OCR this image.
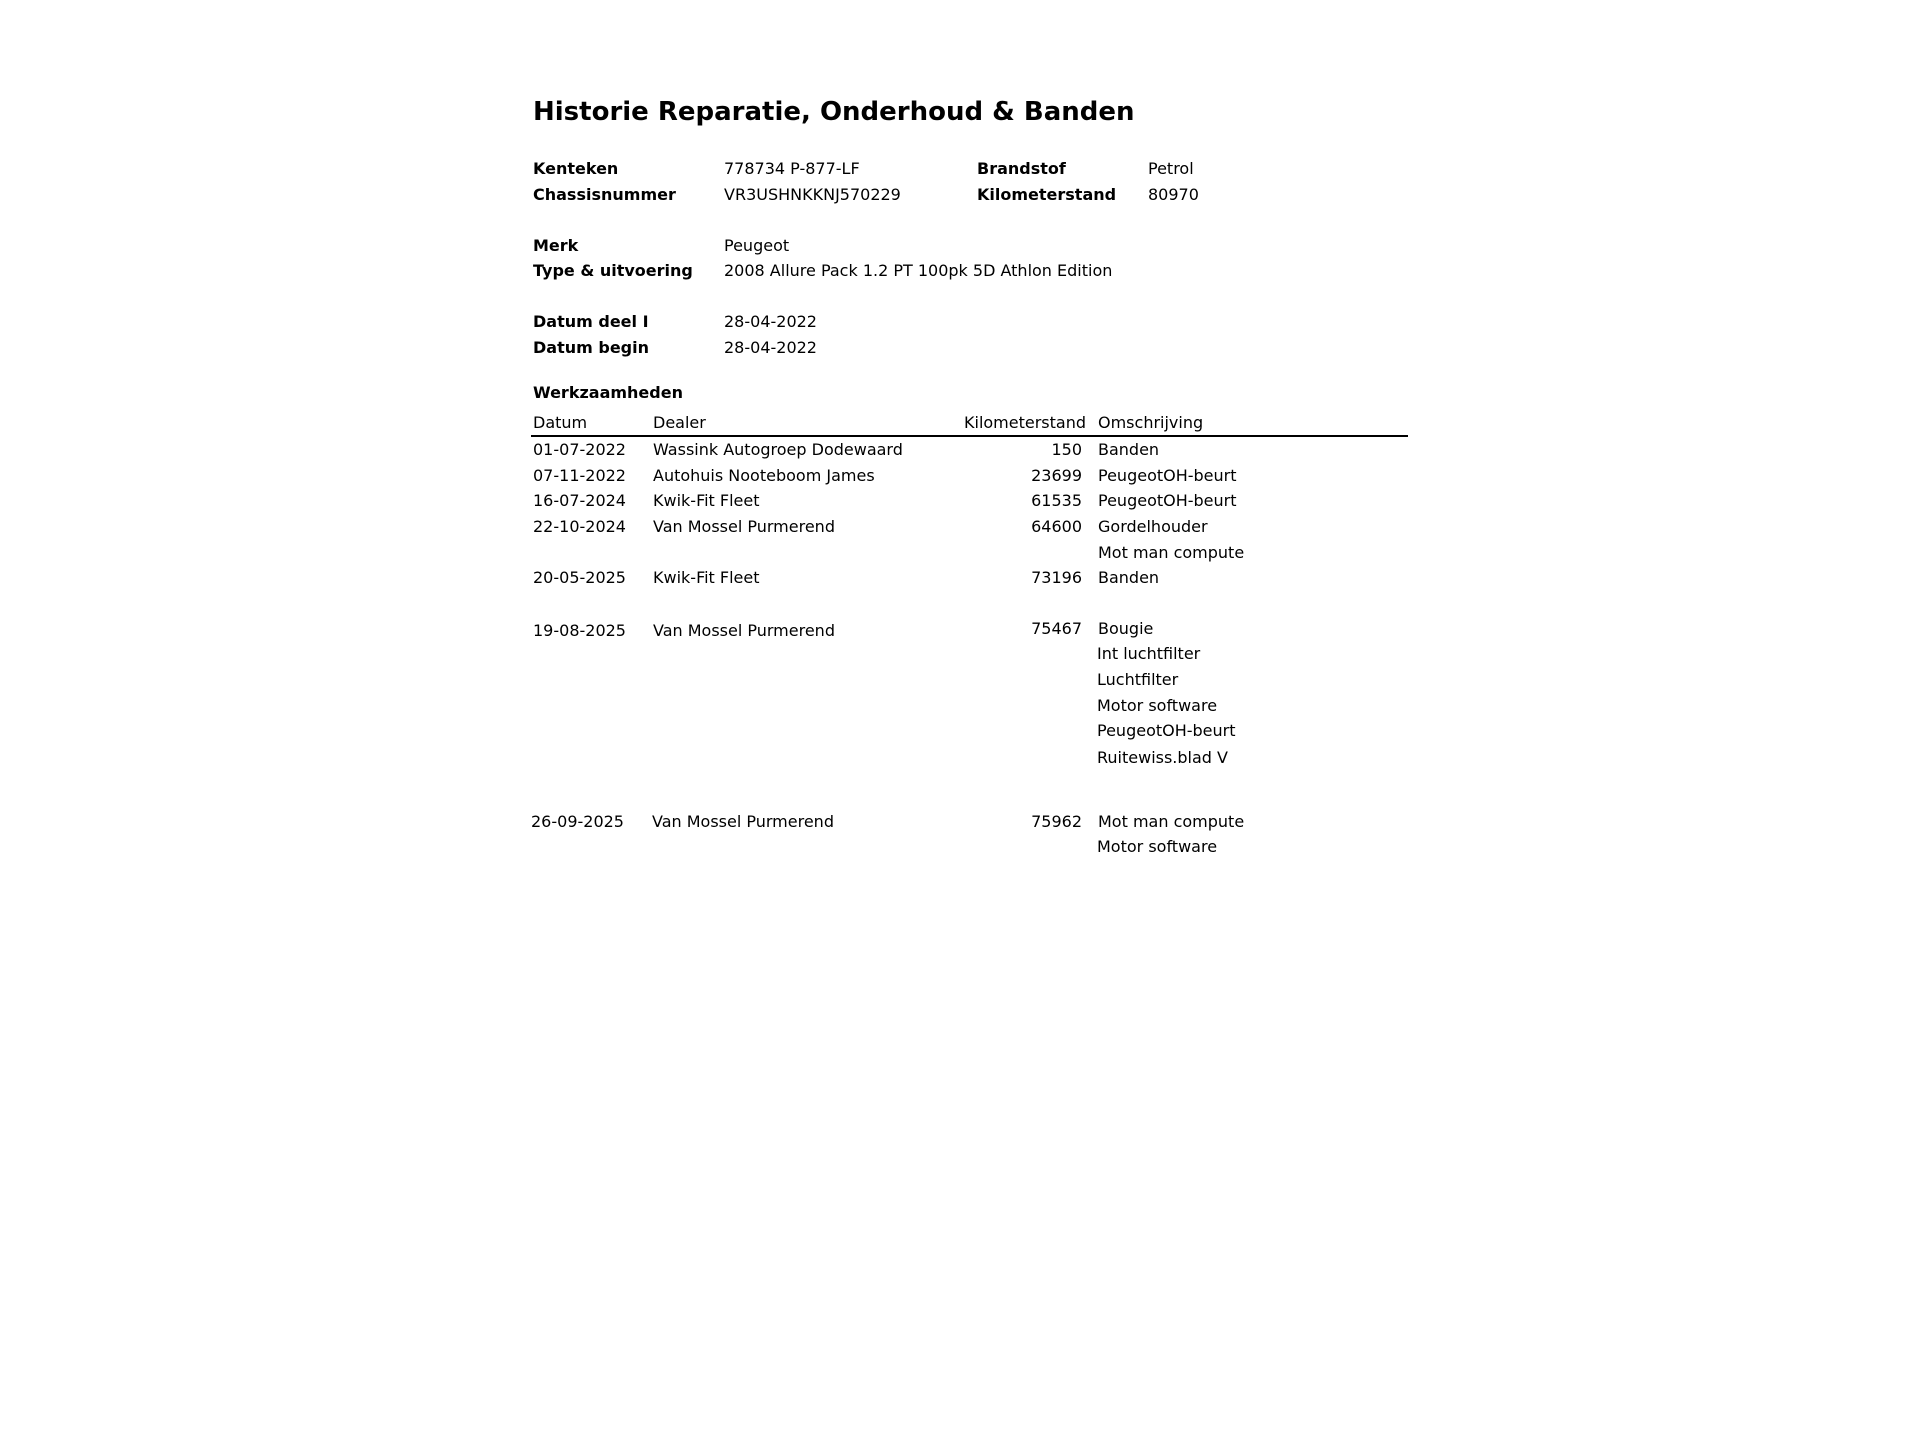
Historie Reparatie, Onderhoud & Banden
Kenteken	778734 P-877-LF	Brandstof	Petrol
Chassisnummer	VR3USHNKKNJ570229	Kilometerstand 80970
Merk	Peugeot
Type & uitvoering 2008 Allure Pack 1.2 PT 100pk 5D Athlon Edition
Datum deel I	28-04-2022
Datum begin	28-04-2022
Werkzaamheden
Datum	Dealer	Kilometerstand Omschrijving
01-07-2022 Wassink Autogroep Dodewaard	150 Banden
07-11-2022 Autohuis Nooteboom James	23699 PeugeotOH-beurt
16-07-2024 Kwik-Fit Fleet	61535 PeugeotOH-beurt
22-10-2024 Van Mossel Purmerend	64600 Gordelhouder
Mot man compute
20-05-2025 Kwik-Fit Fleet	73196 Banden
19-08-2025 Van Mossel Purmerend	75467 Bougie
Int luchtfilter
Luchtfilter
Motor software
PeugeotOH-beurt
Ruitewiss.blad V
26-09-2025 Van Mossel Purmerend	75962 Mot man compute
Motor software
